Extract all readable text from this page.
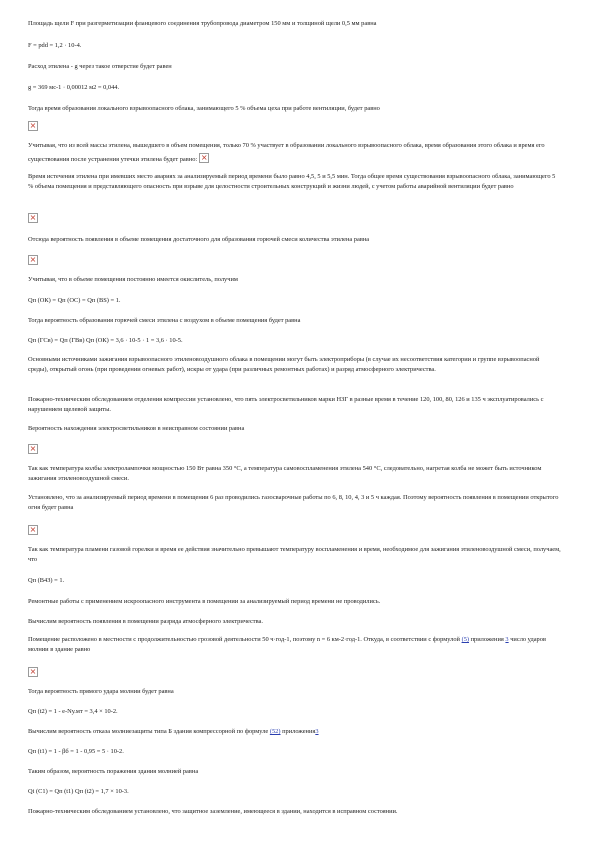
Площадь щели F при разгерметизации фланцевого соединения трубопровода диаметром 150 мм и толщиной щели 0,5 мм равна

F = pdd = 1,2 · 10-4.

Расход этилена - g через такое отверстие будет равен

g = 369 мс-1 · 0,00012 м2 = 0,044.

Тогда время образования локального взрывоопасного облака, занимающего 5 % объема цеха при работе вентиляции, будет равно

×

Учитывая, что из всей массы этилена, вышедшего в объем помещения, только 70 % участвует в образовании локального взрывоопасного облака, время образования этого облака и время его существования после устранения утечки этилена будет равно:×

Время истечения этилена при имевших место авариях за анализируемый период времени было равно 4,5, 5 и 5,5 мин. Тогда общее время существования взрывоопасного облака, занимающего 5 % объема помещения и представляющего опасность при взрыве для целостности строительных конструкций и жизни людей, с учетом работы аварийной вентиляции будет равно

×

Отсюда вероятность появления в объеме помещения достаточного для образования горючей смеси количества этилена равна

×

Учитывая, что в объеме помещения постоянно имеется окислитель, получим

Qп (ОК) = Qп (ОС) = Qп (ВS) = 1.

Тогда вероятность образования горючей смеси этилена с воздухом в объеме помещения будет равна

Qп (ГСв) = Qп (ГВв) Qп (ОК) = 3,6 · 10-5 · 1 = 3,6 · 10-5.

Основными источниками зажигания взрывоопасного этиленовоздушного облака в помещении могут быть электроприборы (в случае их несоответствия категории и группе взрывоопасной среды), открытый огонь (при проведении огневых работ), искры от удара (при различных ремонтных работах) и разряд атмосферного электричества.

Пожарно-техническим обследованием отделения компрессии установлено, что пять электросветильников марки НЗГ в разные время в течение 120, 100, 80, 126 и 135 ч эксплуатировались с нарушением щелевой защиты.

Вероятность нахождения электросветильников в неисправном состоянии равна

×

Так как температура колбы электролампочки мощностью 150 Вт равна 350 °С, а температура самовоспламенения этилена 540 °С, следовательно, нагретая колба не может быть источником зажигания этиленовоздушной смеси.

Установлено, что за анализируемый период времени в помещении 6 раз проводились газосварочные работы по 6, 8, 10, 4, 3 и 5 ч каждая. Поэтому вероятность появления в помещении открытого огня будет равна

×

Так как температура пламени газовой горелки и время ее действия значительно превышают температуру воспламенения и время, необходимое для зажигания этиленовоздушной смеси, получаем, что

Qп (В4З) = 1.

Ремонтные работы с применением искроопасного инструмента в помещении за анализируемый период времени не проводились.

Вычислим вероятность появления в помещении разряда атмосферного электричества.

Помещение расположено в местности с продолжительностью грозовой деятельности 50 ч·год-1, поэтому n = 6 км-2·год-1. Откуда, в соответствии с формулой (5) приложения 3 число ударов молнии в здание равно

×

Тогда вероятность прямого удара молнии будет равна

Qп (t2) = 1 - e-Nу.мт = 3,4 × 10-2.

Вычислим вероятность отказа молниезащиты типа Б здания компрессорной по формуле (52) приложения3

Qп (t1) = 1 - βб = 1 - 0,95 = 5 · 10-2.

Таким образом, вероятность поражения здания молнией равна

Qi (С1) = Qп (t1) Qп (t2) = 1,7 × 10-3.

Пожарно-техническим обследованием установлено, что защитное заземление, имеющееся в здании, находится в исправном состоянии.
